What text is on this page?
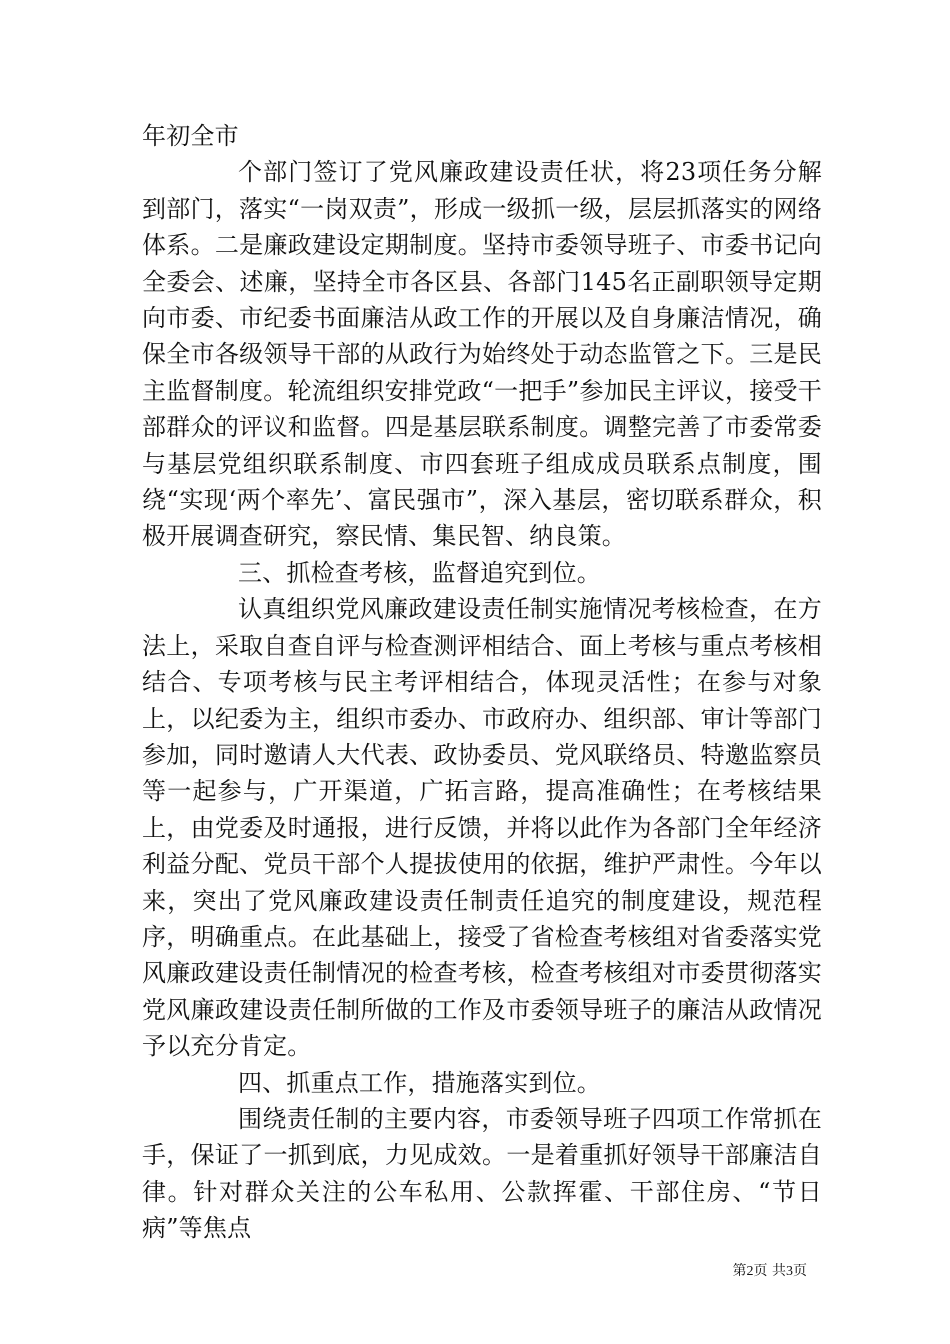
年初全市

个部门签订了党风廉政建设责任状，将23项任务分解到部门，落实“一岗双责”，形成一级抓一级，层层抓落实的网络体系。二是廉政建设定期制度。坚持市委领导班子、市委书记向全委会、述廉，坚持全市各区县、各部门145名正副职领导定期向市委、市纪委书面廉洁从政工作的开展以及自身廉洁情况，确保全市各级领导干部的从政行为始终处于动态监管之下。三是民主监督制度。轮流组织安排党政“一把手”参加民主评议，接受干部群众的评议和监督。四是基层联系制度。调整完善了市委常委与基层党组织联系制度、市四套班子组成成员联系点制度，围绕“实现‘两个率先’、富民强市”，深入基层，密切联系群众，积极开展调查研究，察民情、集民智、纳良策。

三、抓检查考核，监督追究到位。

认真组织党风廉政建设责任制实施情况考核检查，在方法上，采取自查自评与检查测评相结合、面上考核与重点考核相结合、专项考核与民主考评相结合，体现灵活性；在参与对象上，以纪委为主，组织市委办、市政府办、组织部、审计等部门参加，同时邀请人大代表、政协委员、党风联络员、特邀监察员等一起参与，广开渠道，广拓言路，提高准确性；在考核结果上，由党委及时通报，进行反馈，并将以此作为各部门全年经济利益分配、党员干部个人提拔使用的依据，维护严肃性。今年以来，突出了党风廉政建设责任制责任追究的制度建设，规范程序，明确重点。在此基础上，接受了省检查考核组对省委落实党风廉政建设责任制情况的检查考核，检查考核组对市委贯彻落实党风廉政建设责任制所做的工作及市委领导班子的廉洁从政情况予以充分肯定。

四、抓重点工作，措施落实到位。

围绕责任制的主要内容，市委领导班子四项工作常抓在手，保证了一抓到底，力见成效。一是着重抓好领导干部廉洁自律。针对群众关注的公车私用、公款挥霍、干部住房、“节日病”等焦点

第2页 共3页
